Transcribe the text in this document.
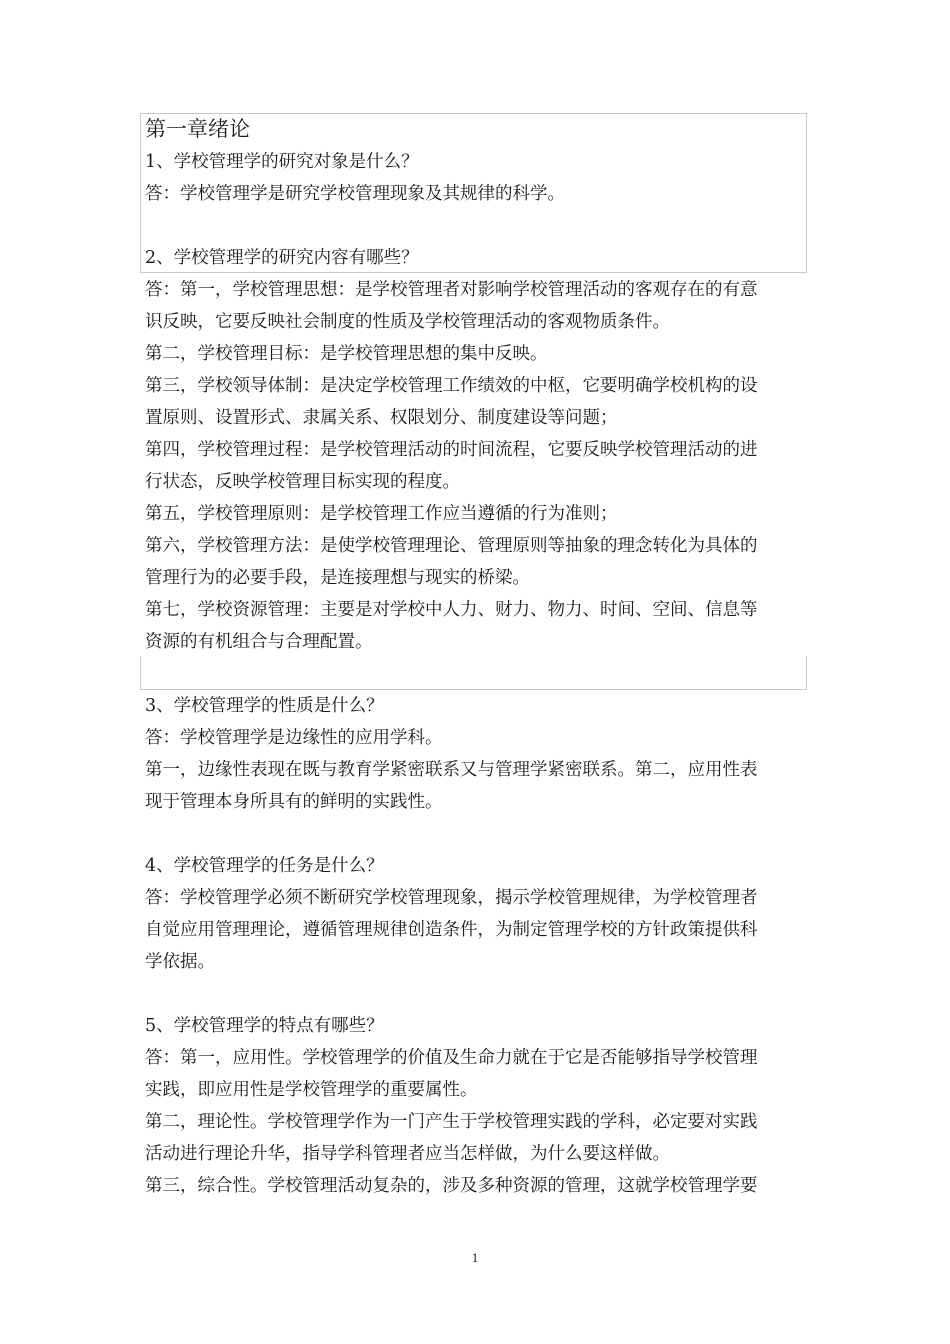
第一章绪论
1、学校管理学的研究对象是什么？
答：学校管理学是研究学校管理现象及其规律的科学。
2、学校管理学的研究内容有哪些？
答：第一，学校管理思想：是学校管理者对影响学校管理活动的客观存在的有意
识反映，它要反映社会制度的性质及学校管理活动的客观物质条件。
第二，学校管理目标：是学校管理思想的集中反映。
第三，学校领导体制：是决定学校管理工作绩效的中枢，它要明确学校机构的设
置原则、设置形式、隶属关系、权限划分、制度建设等问题；
第四，学校管理过程：是学校管理活动的时间流程，它要反映学校管理活动的进
行状态，反映学校管理目标实现的程度。
第五，学校管理原则：是学校管理工作应当遵循的行为准则；
第六，学校管理方法：是使学校管理理论、管理原则等抽象的理念转化为具体的
管理行为的必要手段，是连接理想与现实的桥梁。
第七，学校资源管理：主要是对学校中人力、财力、物力、时间、空间、信息等
资源的有机组合与合理配置。
3、学校管理学的性质是什么？
答：学校管理学是边缘性的应用学科。
第一，边缘性表现在既与教育学紧密联系又与管理学紧密联系。第二，应用性表
现于管理本身所具有的鲜明的实践性。
4、学校管理学的任务是什么？
答：学校管理学必须不断研究学校管理现象，揭示学校管理规律，为学校管理者
自觉应用管理理论，遵循管理规律创造条件，为制定管理学校的方针政策提供科
学依据。
5、学校管理学的特点有哪些？
答：第一，应用性。学校管理学的价值及生命力就在于它是否能够指导学校管理
实践，即应用性是学校管理学的重要属性。
第二，理论性。学校管理学作为一门产生于学校管理实践的学科，必定要对实践
活动进行理论升华，指导学科管理者应当怎样做，为什么要这样做。
第三，综合性。学校管理活动复杂的，涉及多种资源的管理，这就学校管理学要
1
